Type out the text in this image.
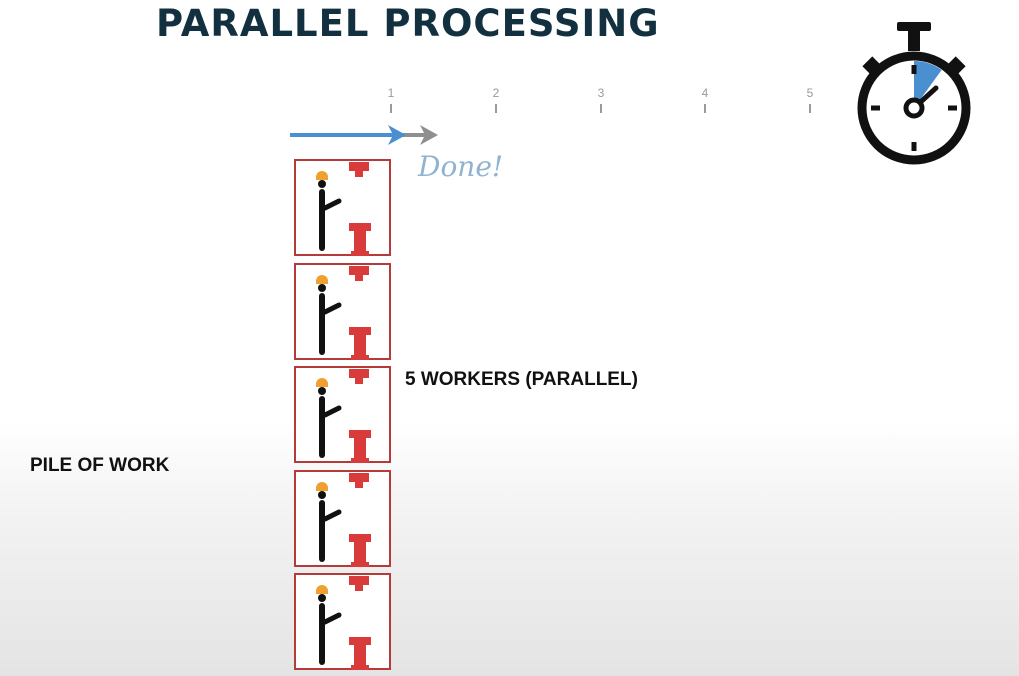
PARALLEL PROCESSING
1	2	3	4	5
Done!
5 WORKERS (PARALLEL)
PILE OF WORK
